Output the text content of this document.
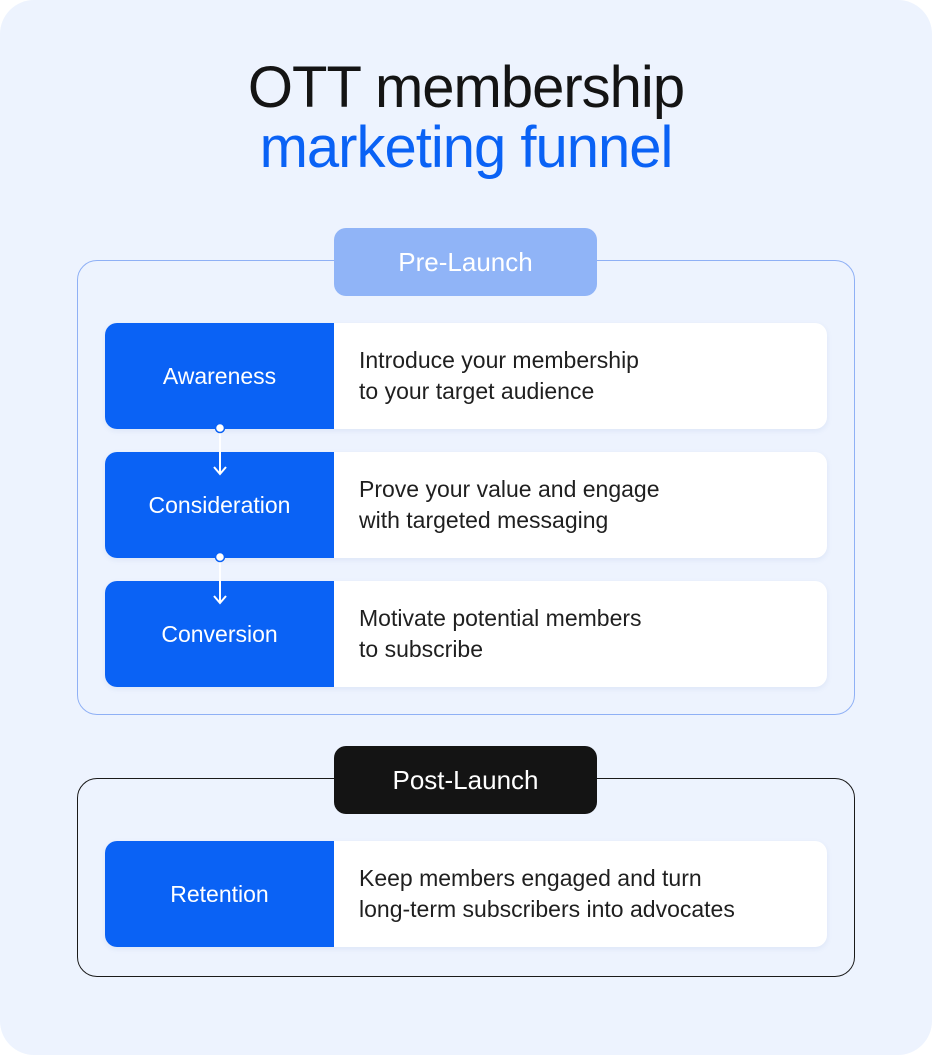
OTT membership
marketing funnel
Pre-Launch
Awareness
Introduce your membership
to your target audience
Consideration
Prove your value and engage
with targeted messaging
Conversion
Motivate potential members
to subscribe
Post-Launch
Retention
Keep members engaged and turn
long-term subscribers into advocates
